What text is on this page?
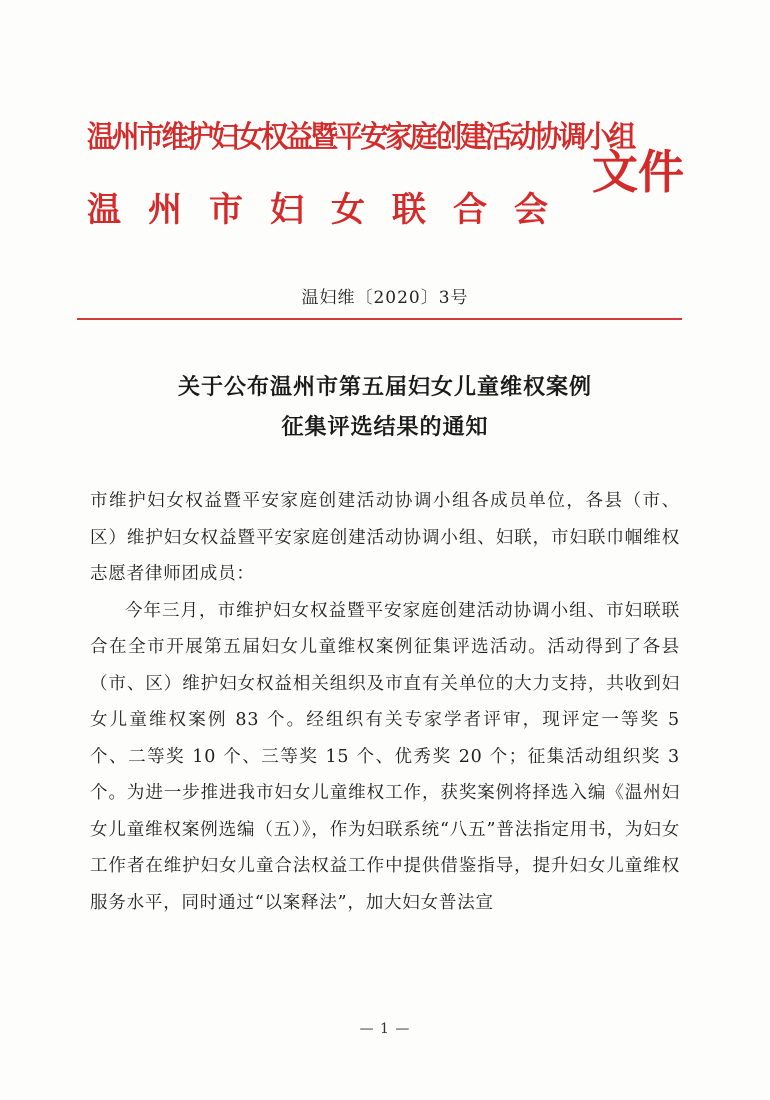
温州市维护妇女权益暨平安家庭创建活动协调小组
温州市妇女联合会
文件
温妇维〔2020〕3号
关于公布温州市第五届妇女儿童维权案例
征集评选结果的通知

市维护妇女权益暨平安家庭创建活动协调小组各成员单位，各县（市、区）维护妇女权益暨平安家庭创建活动协调小组、妇联，市妇联巾帼维权志愿者律师团成员：

今年三月，市维护妇女权益暨平安家庭创建活动协调小组、市妇联联合在全市开展第五届妇女儿童维权案例征集评选活动。活动得到了各县（市、区）维护妇女权益相关组织及市直有关单位的大力支持，共收到妇女儿童维权案例 83 个。经组织有关专家学者评审，现评定一等奖 5 个、二等奖 10 个、三等奖 15 个、优秀奖 20 个；征集活动组织奖 3 个。为进一步推进我市妇女儿童维权工作，获奖案例将择选入编《温州妇女儿童维权案例选编（五）》，作为妇联系统“八五”普法指定用书，为妇女工作者在维护妇女儿童合法权益工作中提供借鉴指导，提升妇女儿童维权服务水平，同时通过“以案释法”，加大妇女普法宣

— 1 —
